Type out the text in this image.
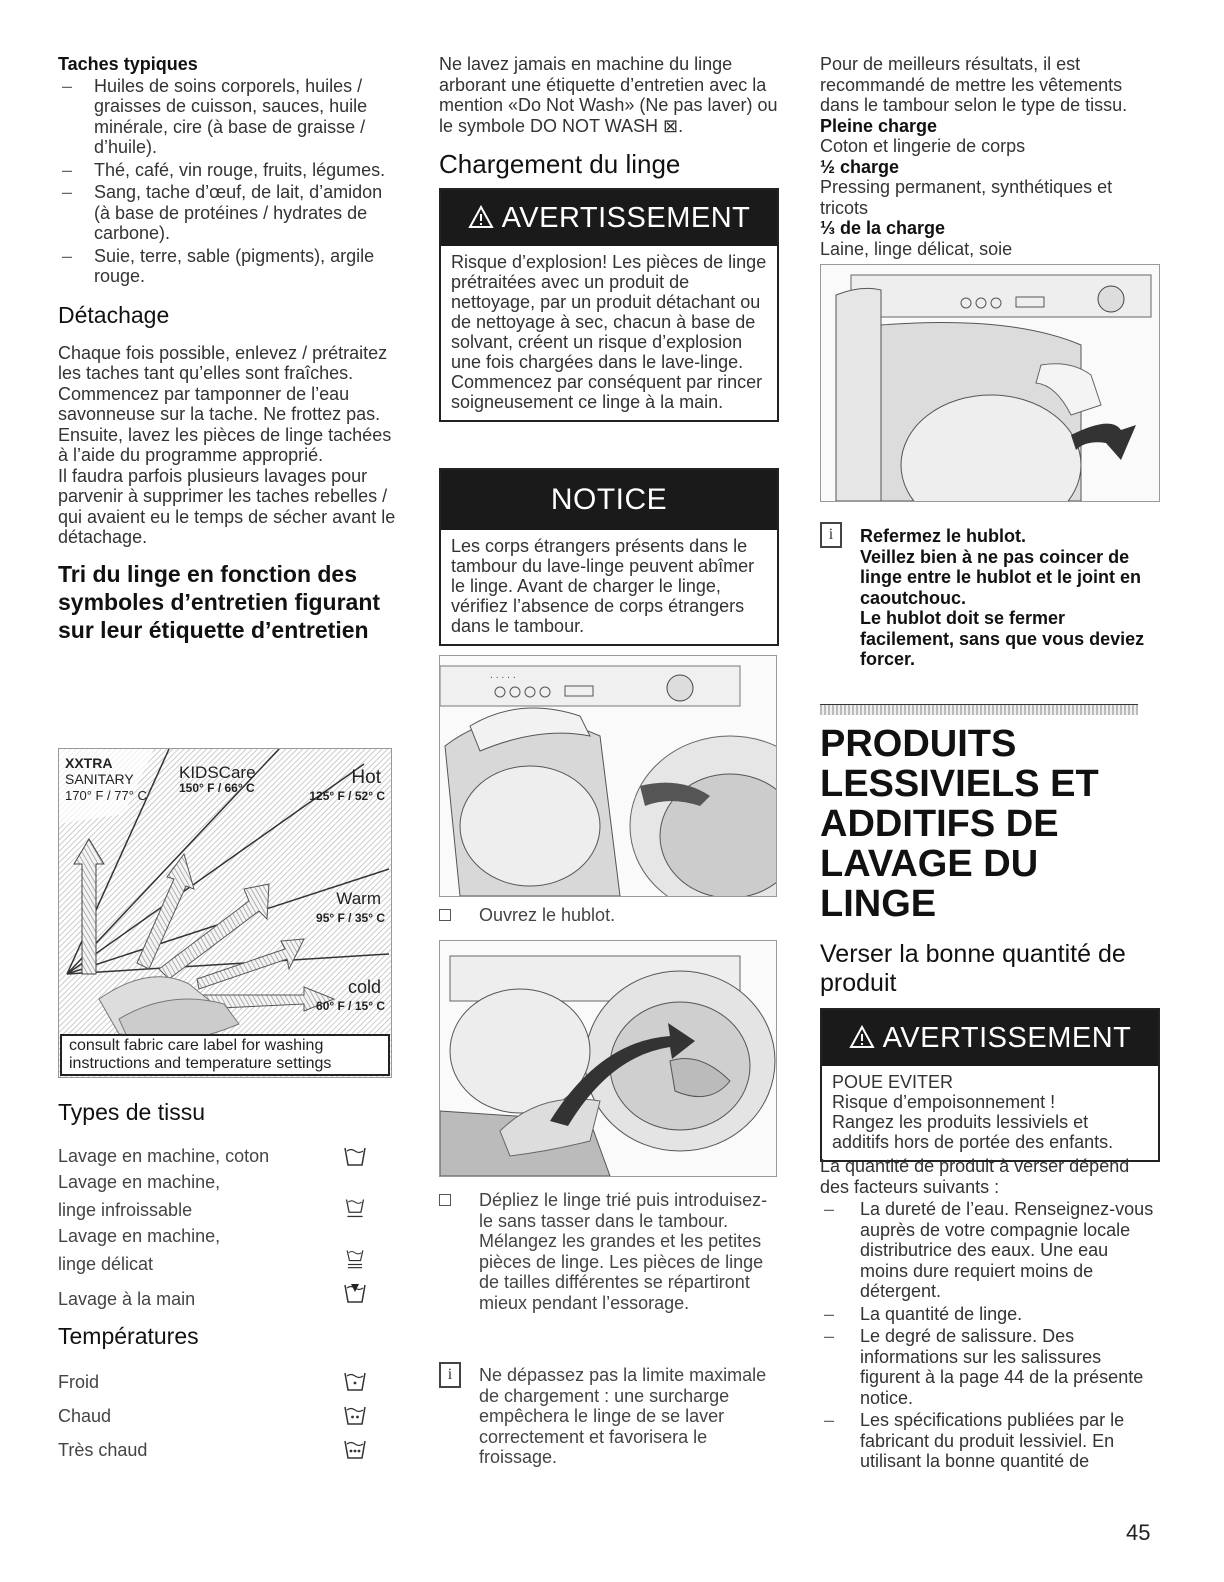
Taches typiques
– Huiles de soins corporels, huiles / graisses de cuisson, sauces, huile minérale, cire (à base de graisse / d’huile).
– Thé, café, vin rouge, fruits, légumes.
– Sang, tache d’œuf, de lait, d’amidon (à base de protéines / hydrates de carbone).
– Suie, terre, sable (pigments), argile rouge.
Détachage

Chaque fois possible, enlevez / prétraitez les taches tant qu’elles sont fraîches.

Commencez par tamponner de l’eau savonneuse sur la tache. Ne frottez pas.

Ensuite, lavez les pièces de linge tachées à l’aide du programme approprié.

Il faudra parfois plusieurs lavages pour parvenir à supprimer les taches rebelles / qui avaient eu le temps de sécher avant le détachage.

Tri du linge en fonction des symboles d’entretien figurant sur leur étiquette d’entretien
XXTRA
SANITARY
170° F / 77° C
KIDSCare
150° F / 66° C	Hot
125° F / 52° C
Warm
95° F / 35° C
cold
60° F / 15° C
consult fabric care label for washing
instructions and temperature settings
Types de tissu
Lavage en machine, coton
Lavage en machine,
linge infroissable
Lavage en machine,
linge délicat
Lavage à la main
Températures
Froid
Chaud
Très chaud

Ne lavez jamais en machine du linge arborant une étiquette d’entretien avec la mention «Do Not Wash» (Ne pas laver) ou le symbole DO NOT WASH ⊠.

Chargement du linge
AVERTISSEMENT
Risque d’explosion! Les pièces de linge prétraitées avec un produit de nettoyage, par un produit détachant ou de nettoyage à sec, chacun à base de solvant, créent un risque d’explosion une fois chargées dans le lave-linge. Commencez par conséquent par rincer soigneusement ce linge à la main.
NOTICE
Les corps étrangers présents dans le tambour du lave-linge peuvent abîmer le linge. Avant de charger le linge, vérifiez l’absence de corps étrangers dans le tambour.
. . . . .
Ouvrez le hublot.

Dépliez le linge trié puis introduisez-le sans tasser dans le tambour. Mélangez les grandes et les petites pièces de linge. Les pièces de linge de tailles différentes se répartiront mieux pendant l’essorage.

i	Ne dépassez pas la limite maximale de chargement : une surcharge empêchera le linge de se laver correctement et favorisera le froissage.

Pour de meilleurs résultats, il est recommandé de mettre les vêtements dans le tambour selon le type de tissu.

Pleine charge
Coton et lingerie de corps
½ charge
Pressing permanent, synthétiques et tricots
⅓ de la charge
Laine, linge délicat, soie
i	Refermez le hublot.
Veillez bien à ne pas coincer de linge entre le hublot et le joint en caoutchouc.
Le hublot doit se fermer facilement, sans que vous deviez forcer.
PRODUITS LESSIVIELS ET ADDITIFS DE LAVAGE DU LINGE
Verser la bonne quantité de produit
AVERTISSEMENT
POUE EVITER
Risque d’empoisonnement !
Rangez les produits lessiviels et additifs hors de portée des enfants.

La quantité de produit à verser dépend des facteurs suivants :

– La dureté de l’eau. Renseignez-vous auprès de votre compagnie locale distributrice des eaux. Une eau moins dure requiert moins de détergent.
– La quantité de linge.
– Le degré de salissure. Des informations sur les salissures figurent à la page 44 de la présente notice.
– Les spécifications publiées par le fabricant du produit lessiviel. En utilisant la bonne quantité de
45
